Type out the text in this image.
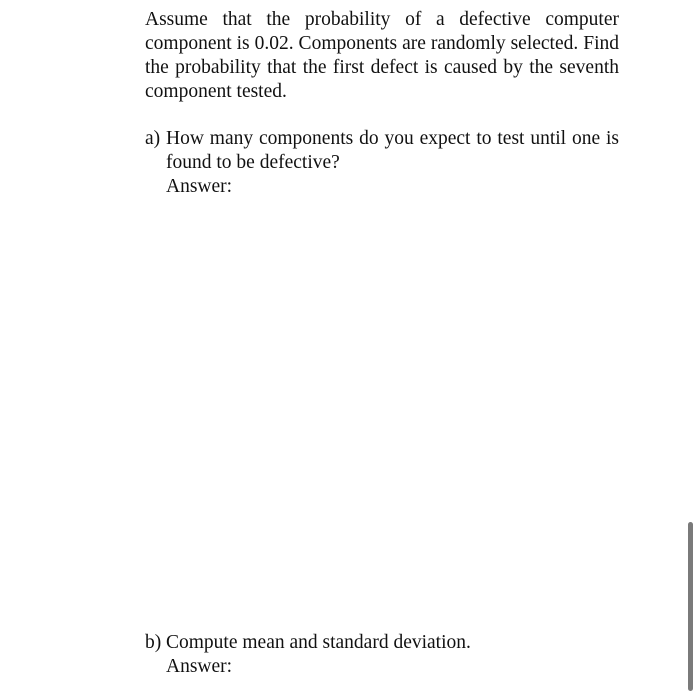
Assume that the probability of a defective computer component is 0.02. Components are randomly selected. Find the probability that the first defect is caused by the seventh component tested.

a) How many components do you expect to test until one is found to be defective?
Answer:
b) Compute mean and standard deviation.
Answer:
